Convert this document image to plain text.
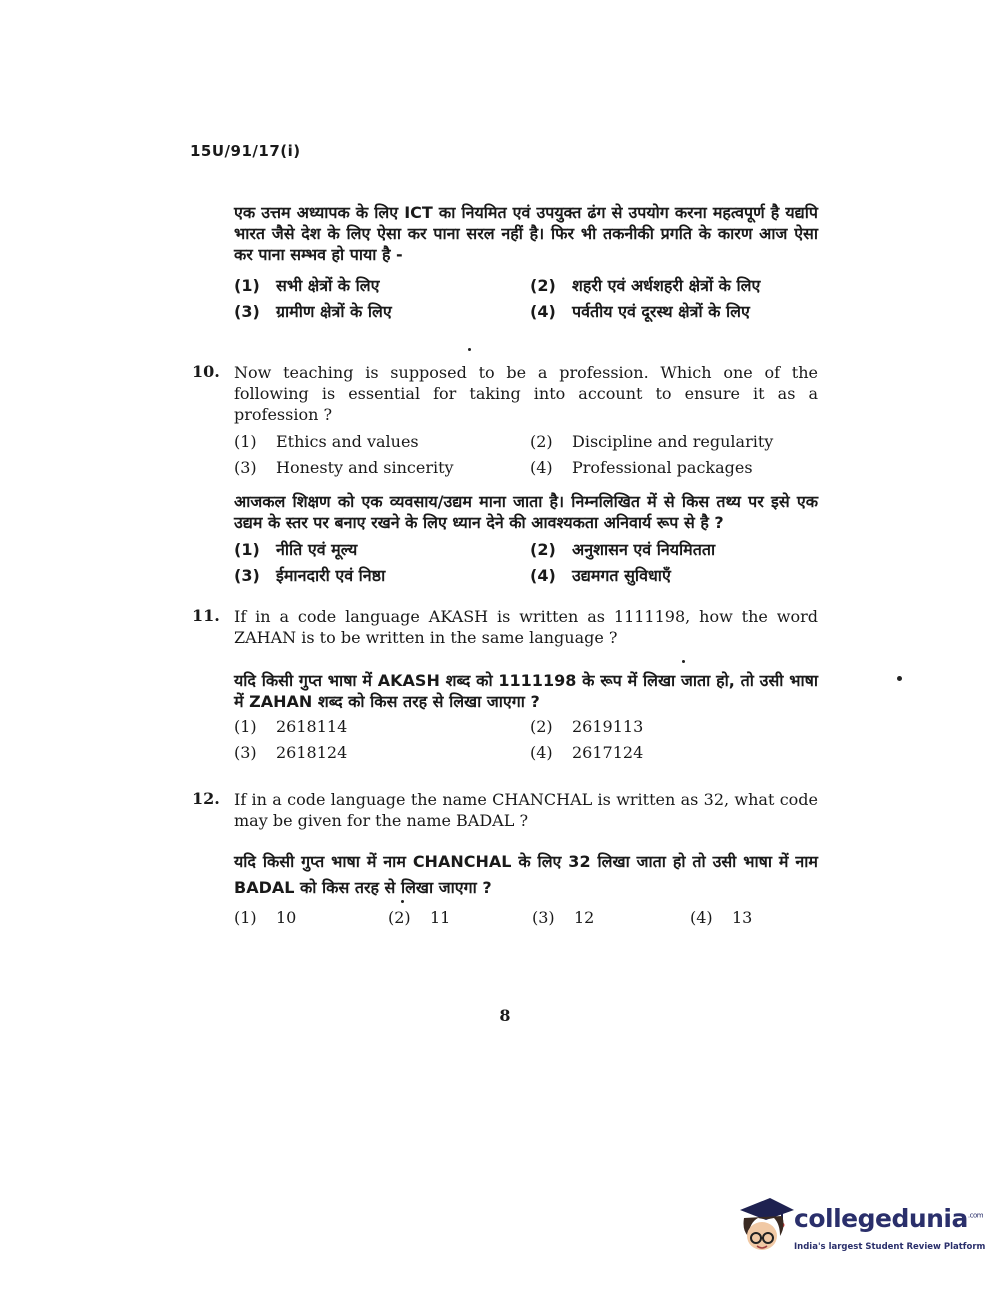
15U/91/17(i)
एक उत्तम अध्यापक के लिए ICT का नियमित एवं उपयुक्त ढंग से उपयोग करना महत्वपूर्ण है यद्यपि भारत जैसे देश के लिए ऐसा कर पाना सरल नहीं है। फिर भी तकनीकी प्रगति के कारण आज ऐसा कर पाना सम्भव हो पाया है -
(1) सभी क्षेत्रों के लिए	(2) शहरी एवं अर्धशहरी क्षेत्रों के लिए
(3) ग्रामीण क्षेत्रों के लिए	(4) पर्वतीय एवं दूरस्थ क्षेत्रों के लिए
10. Now teaching is supposed to be a profession. Which one of the following is essential for taking into account to ensure it as a profession ?
(1) Ethics and values	(2) Discipline and regularity
(3) Honesty and sincerity	(4) Professional packages
आजकल शिक्षण को एक व्यवसाय/उद्यम माना जाता है। निम्नलिखित में से किस तथ्य पर इसे एक उद्यम के स्तर पर बनाए रखने के लिए ध्यान देने की आवश्यकता अनिवार्य रूप से है ?
(1) नीति एवं मूल्य	(2) अनुशासन एवं नियमितता
(3) ईमानदारी एवं निष्ठा	(4) उद्यमगत सुविधाएँ
11. If in a code language AKASH is written as 1111198, how the word ZAHAN is to be written in the same language ?
यदि किसी गुप्त भाषा में AKASH शब्द को 1111198 के रूप में लिखा जाता हो, तो उसी भाषा में ZAHAN शब्द को किस तरह से लिखा जाएगा ?
(1) 2618114	(2) 2619113
(3) 2618124	(4) 2617124
12. If in a code language the name CHANCHAL is written as 32, what code may be given for the name BADAL ?
यदि किसी गुप्त भाषा में नाम CHANCHAL के लिए 32 लिखा जाता हो तो उसी भाषा में नाम BADAL को किस तरह से लिखा जाएगा ?
(1) 10	(2) 11	(3) 12	(4) 13
8
collegedunia$^{.com}$
India's largest Student Review Platform
